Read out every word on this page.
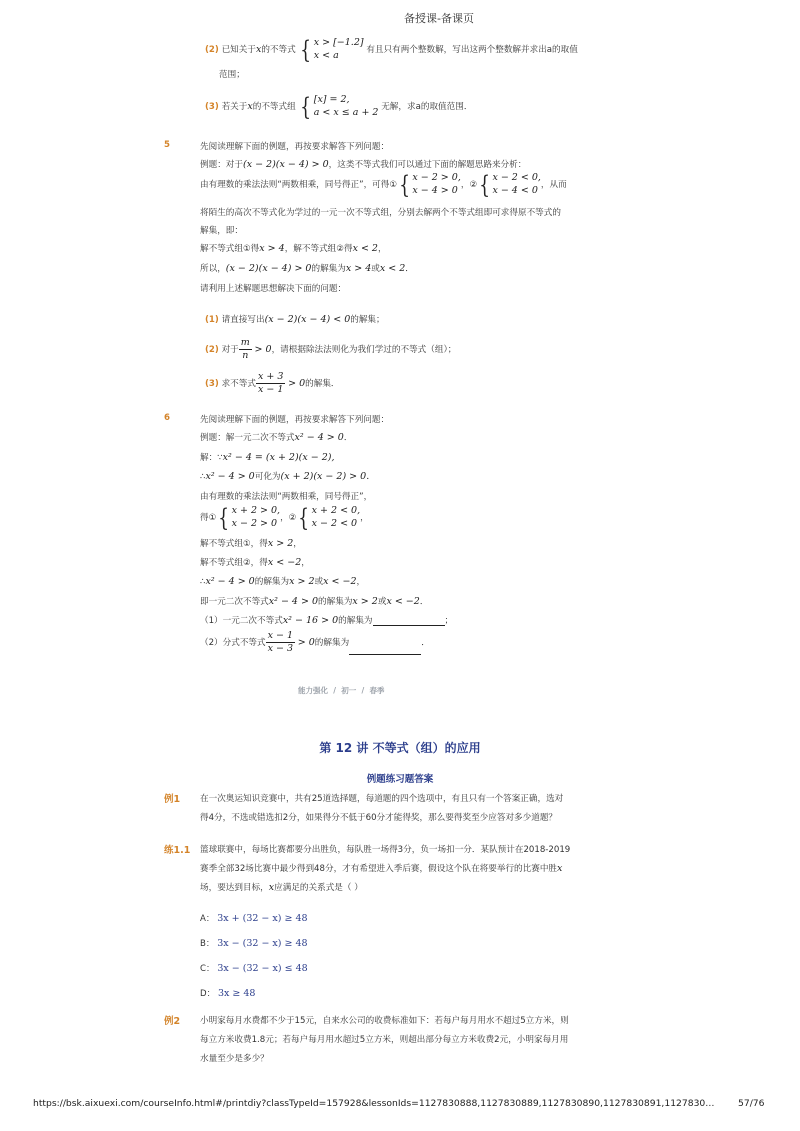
备授课-备课页
(2) 已知关于x的不等式 { x > [−1.2]
x < a	有且只有两个整数解，写出这两个整数解并求出a的取值
范围；
(3) 若关于x的不等式组 { [x] = 2,
a < x ≤ a + 2 无解，求a的取值范围．
5	先阅读理解下面的例题，再按要求解答下列问题：
例题：对于(x − 2)(x − 4) > 0，这类不等式我们可以通过下面的解题思路来分析：
由有理数的乘法法则“两数相乘，同号得正”，可得①{ x − 2 > 0,
x − 4 > 0 ，②{ x − 2 < 0,
x − 4 < 0 ，从而
将陌生的高次不等式化为学过的一元一次不等式组，分别去解两个不等式组即可求得原不等式的
解集，即：
解不等式组①得x > 4，解不等式组②得x < 2，
所以，(x − 2)(x − 4) > 0的解集为x > 4或x < 2．
请利用上述解题思想解决下面的问题：
(1) 请直接写出(x − 2)(x − 4) < 0的解集；
(2) 对于 $\frac{m}{n} > 0$，请根据除法法则化为我们学过的不等式（组）；
(3) 求不等式 $\frac{x + 3}{x - 1} > 0$的解集．
6	先阅读理解下面的例题，再按要求解答下列问题：
例题：解一元二次不等式x² − 4 > 0．
解：∵x² − 4 = (x + 2)(x − 2),
∴x² − 4 > 0可化为(x + 2)(x − 2) > 0.
由有理数的乘法法则“两数相乘，同号得正”，
得①{ x + 2 > 0,
x − 2 > 0 ，②{ x + 2 < 0,
x − 2 < 0 ，
解不等式组①，得x > 2，
解不等式组②，得x < −2，
∴x² − 4 > 0的解集为x > 2或x < −2，
即一元二次不等式x² − 4 > 0的解集为x > 2或x < −2．
（1）一元二次不等式x² − 16 > 0的解集为	；
（2）分式不等式 $\frac{x - 1}{x - 3} > 0$的解集为	．
能力强化 / 初一 / 春季
第 12 讲 不等式（组）的应用
例题练习题答案
例1 在一次奥运知识竞赛中，共有25道选择题，每道题的四个选项中，有且只有一个答案正确，选对
得4分，不选或错选扣2分，如果得分不低于60分才能得奖，那么要得奖至少应答对多少道题？
练1.1 篮球联赛中，每场比赛都要分出胜负，每队胜一场得3分，负一场扣一分．某队预计在2018-2019
赛季全部32场比赛中最少得到48分，才有希望进入季后赛，假设这个队在将要举行的比赛中胜x
场，要达到目标，x应满足的关系式是（ ）
A： 3x + (32 − x) ≥ 48
B： 3x − (32 − x) ≥ 48
C： 3x − (32 − x) ≤ 48
D： 3x ≥ 48
例2 小明家每月水费都不少于15元，自来水公司的收费标准如下：若每户每月用水不超过5立方米，则
每立方米收费1.8元；若每户每月用水超过5立方米，则超出部分每立方米收费2元，小明家每月用
水量至少是多少？
https://bsk.aixuexi.com/courseInfo.html#/printdiy?classTypeId=157928&lessonIds=1127830888,1127830889,1127830890,1127830891,1127830…	57/76
